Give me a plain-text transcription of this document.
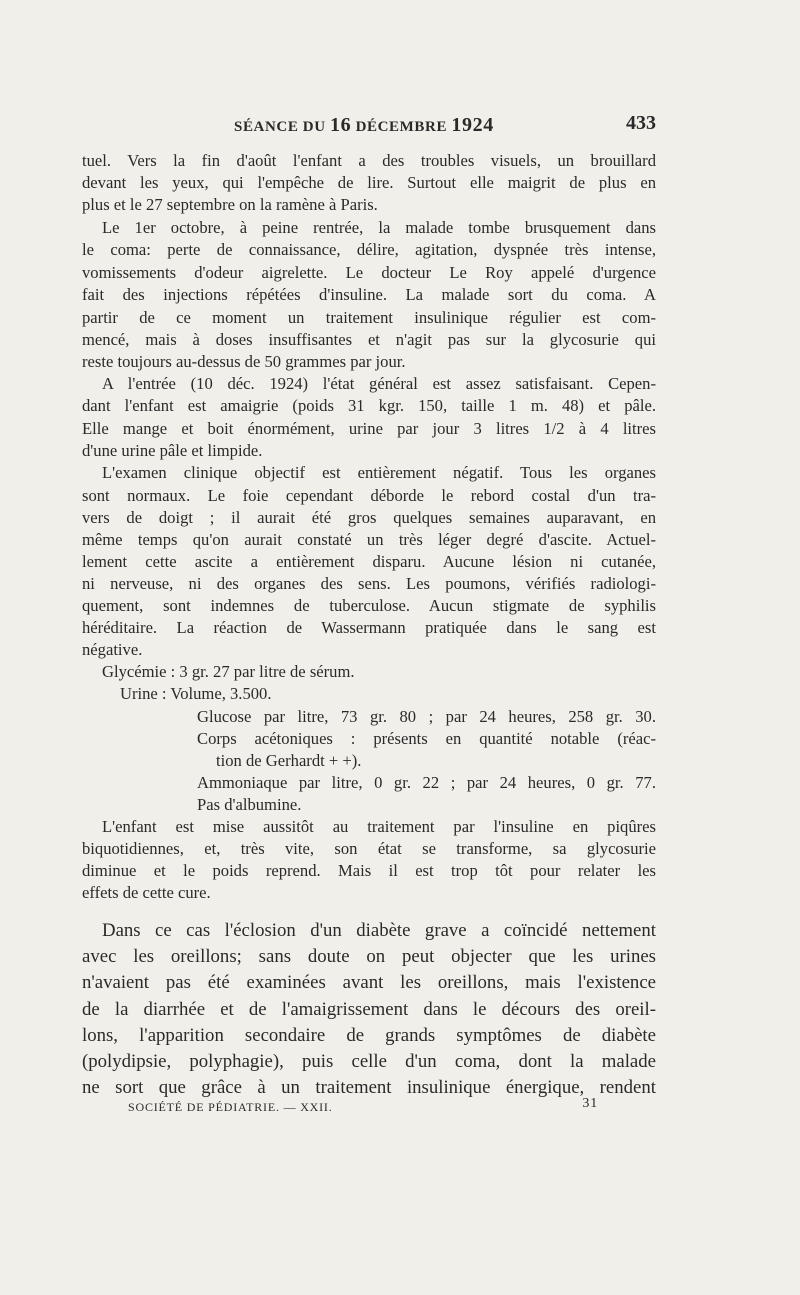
SÉANCE DU 16 DÉCEMBRE 1924	433
tuel. Vers la fin d'août l'enfant a des troubles visuels, un brouillard
devant les yeux, qui l'empêche de lire. Surtout elle maigrit de plus en
plus et le 27 septembre on la ramène à Paris.
Le 1er octobre, à peine rentrée, la malade tombe brusquement dans
le coma: perte de connaissance, délire, agitation, dyspnée très intense,
vomissements d'odeur aigrelette. Le docteur Le Roy appelé d'urgence
fait des injections répétées d'insuline. La malade sort du coma. A
partir de ce moment un traitement insulinique régulier est com-
mencé, mais à doses insuffisantes et n'agit pas sur la glycosurie qui
reste toujours au-dessus de 50 grammes par jour.
A l'entrée (10 déc. 1924) l'état général est assez satisfaisant. Cepen-
dant l'enfant est amaigrie (poids 31 kgr. 150, taille 1 m. 48) et pâle.
Elle mange et boit énormément, urine par jour 3 litres 1/2 à 4 litres
d'une urine pâle et limpide.
L'examen clinique objectif est entièrement négatif. Tous les organes
sont normaux. Le foie cependant déborde le rebord costal d'un tra-
vers de doigt ; il aurait été gros quelques semaines auparavant, en
même temps qu'on aurait constaté un très léger degré d'ascite. Actuel-
lement cette ascite a entièrement disparu. Aucune lésion ni cutanée,
ni nerveuse, ni des organes des sens. Les poumons, vérifiés radiologi-
quement, sont indemnes de tuberculose. Aucun stigmate de syphilis
héréditaire. La réaction de Wassermann pratiquée dans le sang est
négative.
Glycémie : 3 gr. 27 par litre de sérum.
Urine : Volume, 3.500.
Glucose par litre, 73 gr. 80 ; par 24 heures, 258 gr. 30.
Corps acétoniques : présents en quantité notable (réac-
tion de Gerhardt + +).
Ammoniaque par litre, 0 gr. 22 ; par 24 heures, 0 gr. 77.
Pas d'albumine.
L'enfant est mise aussitôt au traitement par l'insuline en piqûres
biquotidiennes, et, très vite, son état se transforme, sa glycosurie
diminue et le poids reprend. Mais il est trop tôt pour relater les
effets de cette cure.
Dans ce cas l'éclosion d'un diabète grave a coïncidé nettement
avec les oreillons; sans doute on peut objecter que les urines
n'avaient pas été examinées avant les oreillons, mais l'existence
de la diarrhée et de l'amaigrissement dans le décours des oreil-
lons, l'apparition secondaire de grands symptômes de diabète
(polydipsie, polyphagie), puis celle d'un coma, dont la malade
ne sort que grâce à un traitement insulinique énergique, rendent
SOCIÉTÉ DE PÉDIATRIE. — XXII.	31
